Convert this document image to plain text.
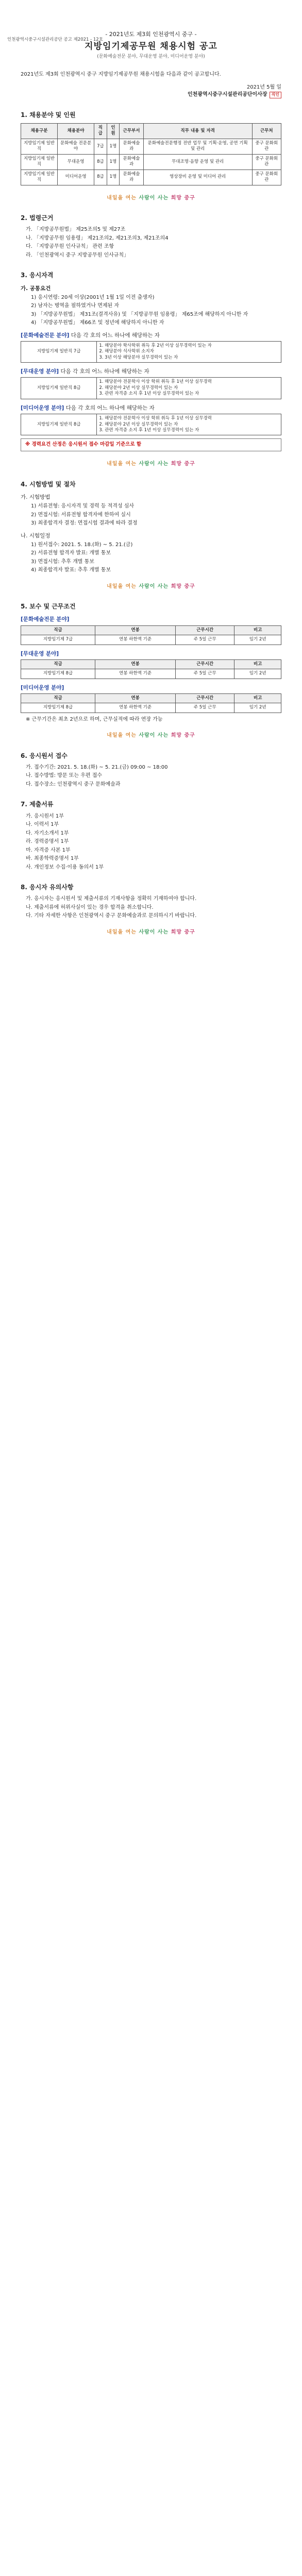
인천광역시중구시설관리공단 공고 제2021 - 12호
- 2021년도 제3회 인천광역시 중구 -
지방임기제공무원 채용시험 공고
(문화예술전문 분야, 무대운영 분야, 미디어운영 분야)
2021년도 제3회 인천광역시 중구 지방임기제공무원 채용시험을 다음과 같이 공고합니다.
2021년 5월 일
인천광역시중구시설관리공단이사장 직인
1. 채용분야 및 인원
채용구분	채용분야	직급	인원	근무부서	직무 내용 및 자격	근무처
지방임기제 일반직	문화예술 전문분야	7급	1명	문화예술과	문화예술전문행정 전반 업무 및 기획·운영, 공연 기획 및 관리	중구 문화회관
지방임기제 일반직	무대운영	8급	1명	문화예술과	무대조명·음향 운영 및 관리	중구 문화회관
지방임기제 일반직	미디어운영	8급	1명	문화예술과	영상장비 운영 및 미디어 관리	중구 문화회관
내일을 여는 사람이 사는 희망 중구
2. 법령근거
가. 「지방공무원법」 제25조의5 및 제27조
나. 「지방공무원 임용령」 제21조의2, 제21조의3, 제21조의4
다. 「지방공무원 인사규칙」 관련 조항
라. 「인천광역시 중구 지방공무원 인사규칙」
3. 응시자격
가. 공통요건
1) 응시연령: 20세 이상(2001년 1월 1일 이전 출생자)
2) 남자는 병역을 필하였거나 면제된 자
3) 「지방공무원법」 제31조(결격사유) 및 「지방공무원 임용령」 제65조에 해당하지 아니한 자
4) 「지방공무원법」 제66조 및 정년에 해당하지 아니한 자
[문화예술전문 분야] 다음 각 호의 어느 하나에 해당하는 자
지방임기제 일반직 7급	1. 해당분야 학사학위 취득 후 2년 이상 실무경력이 있는 자
2. 해당분야 석사학위 소지자
3. 3년 이상 해당분야 실무경력이 있는 자
[무대운영 분야] 다음 각 호의 어느 하나에 해당하는 자
지방임기제 일반직 8급	1. 해당분야 전문학사 이상 학위 취득 후 1년 이상 실무경력
2. 해당분야 2년 이상 실무경력이 있는 자
3. 관련 자격증 소지 후 1년 이상 실무경력이 있는 자
[미디어운영 분야] 다음 각 호의 어느 하나에 해당하는 자
지방임기제 일반직 8급	1. 해당분야 전문학사 이상 학위 취득 후 1년 이상 실무경력
2. 해당분야 2년 이상 실무경력이 있는 자
3. 관련 자격증 소지 후 1년 이상 실무경력이 있는 자
※ 경력요건 산정은 응시원서 접수 마감일 기준으로 함
내일을 여는 사람이 사는 희망 중구
4. 시험방법 및 절차
가. 시험방법
1) 서류전형: 응시자격 및 경력 등 적격성 심사
2) 면접시험: 서류전형 합격자에 한하여 실시
3) 최종합격자 결정: 면접시험 결과에 따라 결정
나. 시험일정
1) 원서접수: 2021. 5. 18.(화) ~ 5. 21.(금)
2) 서류전형 합격자 발표: 개별 통보
3) 면접시험: 추후 개별 통보
4) 최종합격자 발표: 추후 개별 통보
내일을 여는 사람이 사는 희망 중구
5. 보수 및 근무조건
[문화예술전문 분야]
직급	연봉	근무시간	비고
지방임기제 7급	연봉 하한액 기준	주 5일 근무	임기 2년
[무대운영 분야]
직급	연봉	근무시간	비고
지방임기제 8급	연봉 하한액 기준	주 5일 근무	임기 2년
[미디어운영 분야]
직급	연봉	근무시간	비고
지방임기제 8급	연봉 하한액 기준	주 5일 근무	임기 2년
※ 근무기간은 최초 2년으로 하며, 근무실적에 따라 연장 가능
내일을 여는 사람이 사는 희망 중구
6. 응시원서 접수
가. 접수기간: 2021. 5. 18.(화) ~ 5. 21.(금) 09:00 ~ 18:00
나. 접수방법: 방문 또는 우편 접수
다. 접수장소: 인천광역시 중구 문화예술과
7. 제출서류
가. 응시원서 1부
나. 이력서 1부
다. 자기소개서 1부
라. 경력증명서 1부
마. 자격증 사본 1부
바. 최종학력증명서 1부
사. 개인정보 수집·이용 동의서 1부
8. 응시자 유의사항
가. 응시자는 응시원서 및 제출서류의 기재사항을 정확히 기재하여야 합니다.
나. 제출서류에 허위사실이 있는 경우 합격을 취소합니다.
다. 기타 자세한 사항은 인천광역시 중구 문화예술과로 문의하시기 바랍니다.
내일을 여는 사람이 사는 희망 중구
